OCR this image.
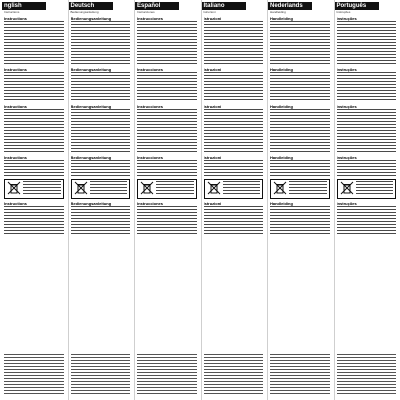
nglish
Instructions
Instructions
Instructions
Instructions
Instructions
Instructions
Deutsch
Bedienungsanleitung
Bedienungsanleitung
Bedienungsanleitung
Bedienungsanleitung
Bedienungsanleitung
Bedienungsanleitung
Español
Instrucciones
Instrucciones
Instrucciones
Instrucciones
Instrucciones
Instrucciones
Italiano
Istruzioni
Istruzioni
Istruzioni
Istruzioni
Istruzioni
Istruzioni
Nederlands
Handleiding
Handleiding
Handleiding
Handleiding
Handleiding
Handleiding
Português
Instruções
Instruções
Instruções
Instruções
Instruções
Instruções
